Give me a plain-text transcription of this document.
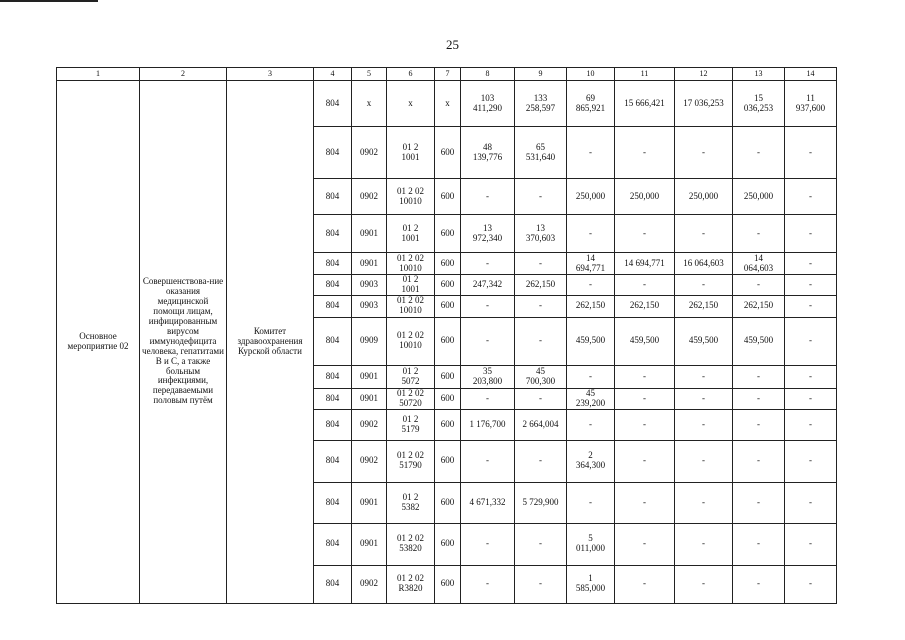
25
1	2	3	4	5	6	7	8	9	10	11	12	13	14
Основное мероприятие 02	Совершенствова-ние оказания медицинской помощи лицам, инфицированным вирусом иммунодефицита человека, гепатитами B и C, а также больным инфекциями, передаваемыми половым путём	Комитет здравоохранения Курской области	804	x	x	x	103
411,290	133
258,597	69
865,921	15 666,421	17 036,253	15
036,253	11
937,600
			804	0902	01 2
1001	600	48
139,776	65
531,640	-	-	-	-	-
			804	0902	01 2 02
10010	600	-	-	250,000	250,000	250,000	250,000	-
			804	0901	01 2
1001	600	13
972,340	13
370,603	-	-	-	-	-
			804	0901	01 2 02
10010	600	-	-	14
694,771	14 694,771	16 064,603	14
064,603	-
			804	0903	01 2
1001	600	247,342	262,150	-	-	-	-	-
			804	0903	01 2 02
10010	600	-	-	262,150	262,150	262,150	262,150	-
			804	0909	01 2 02
10010	600	-	-	459,500	459,500	459,500	459,500	-
			804	0901	01 2
5072	600	35
203,800	45
700,300	-	-	-	-	-
			804	0901	01 2 02
50720	600	-	-	45
239,200	-	-	-	-
			804	0902	01 2
5179	600	1 176,700	2 664,004	-	-	-	-	-
			804	0902	01 2 02
51790	600	-	-	2
364,300	-	-	-	-
			804	0901	01 2
5382	600	4 671,332	5 729,900	-	-	-	-	-
			804	0901	01 2 02
53820	600	-	-	5
011,000	-	-	-	-
			804	0902	01 2 02
R3820	600	-	-	1
585,000	-	-	-	-
